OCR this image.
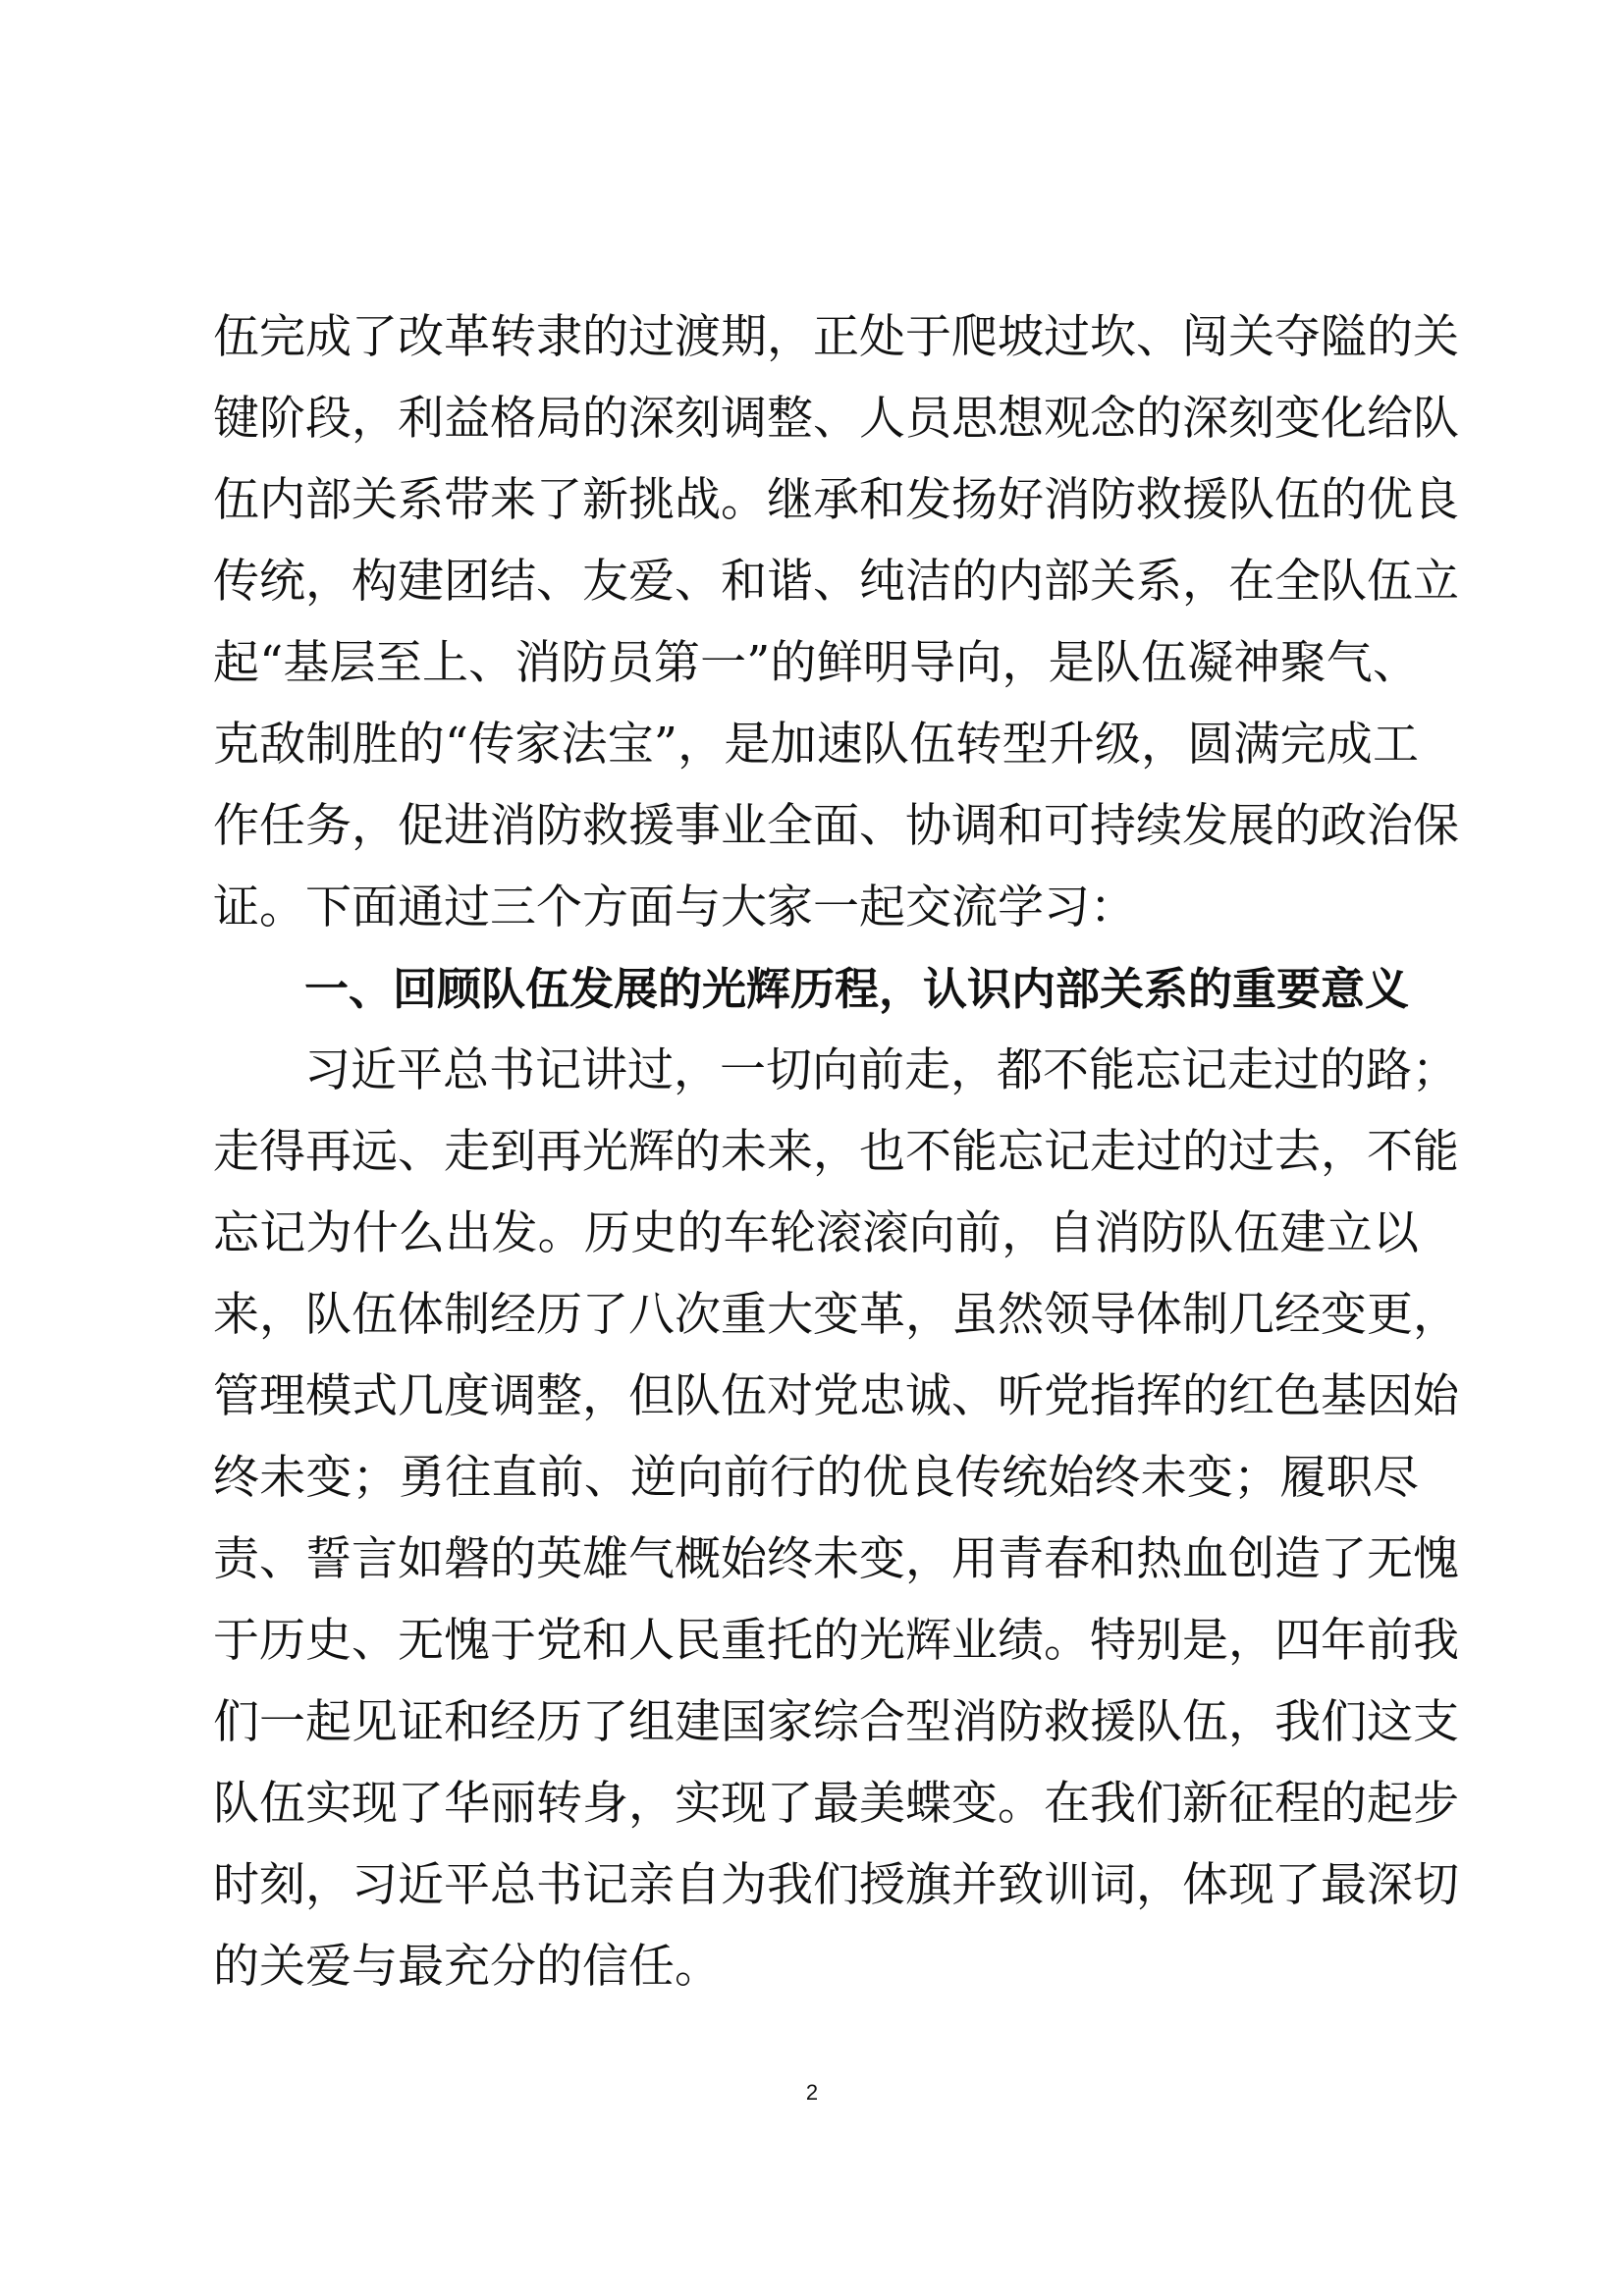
伍完成了改革转隶的过渡期，正处于爬坡过坎、闯关夺隘的关
键阶段，利益格局的深刻调整、人员思想观念的深刻变化给队
伍内部关系带来了新挑战。继承和发扬好消防救援队伍的优良
传统，构建团结、友爱、和谐、纯洁的内部关系，在全队伍立
起“基层至上、消防员第一”的鲜明导向，是队伍凝神聚气、
克敌制胜的“传家法宝”，是加速队伍转型升级，圆满完成工
作任务，促进消防救援事业全面、协调和可持续发展的政治保
证。下面通过三个方面与大家一起交流学习：
一、回顾队伍发展的光辉历程，认识内部关系的重要意义
习近平总书记讲过，一切向前走，都不能忘记走过的路；
走得再远、走到再光辉的未来，也不能忘记走过的过去，不能
忘记为什么出发。历史的车轮滚滚向前，自消防队伍建立以
来，队伍体制经历了八次重大变革，虽然领导体制几经变更，
管理模式几度调整，但队伍对党忠诚、听党指挥的红色基因始
终未变；勇往直前、逆向前行的优良传统始终未变；履职尽
责、誓言如磐的英雄气概始终未变，用青春和热血创造了无愧
于历史、无愧于党和人民重托的光辉业绩。特别是，四年前我
们一起见证和经历了组建国家综合型消防救援队伍，我们这支
队伍实现了华丽转身，实现了最美蝶变。在我们新征程的起步
时刻，习近平总书记亲自为我们授旗并致训词，体现了最深切
的关爱与最充分的信任。
2
